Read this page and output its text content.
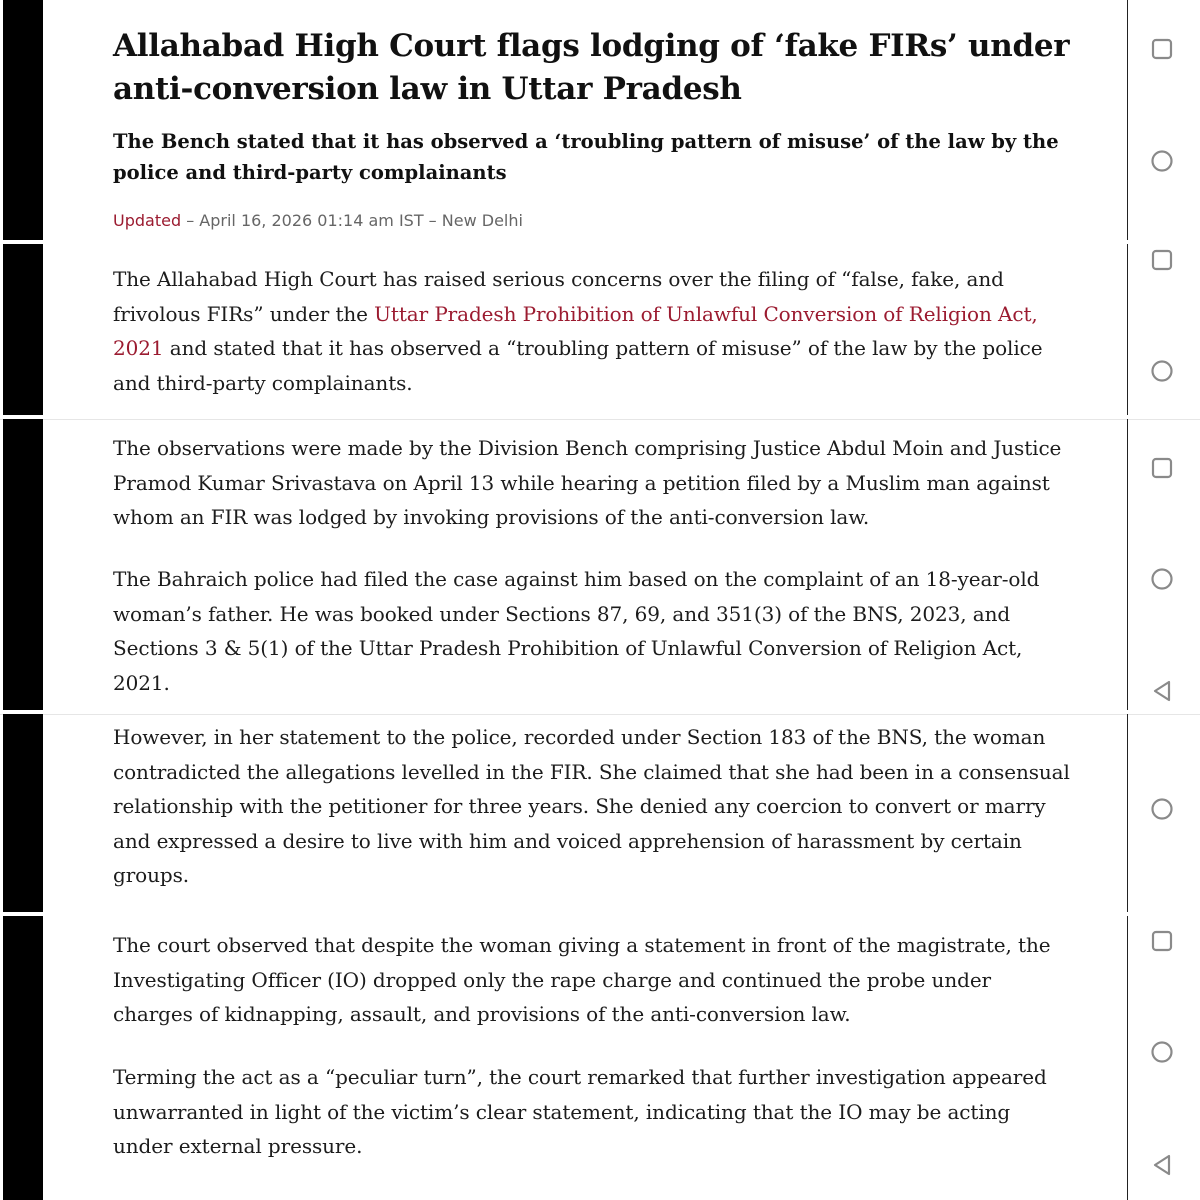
Allahabad High Court flags lodging of ‘fake FIRs’ under anti-conversion law in Uttar Pradesh

The Bench stated that it has observed a ‘troubling pattern of misuse’ of the law by the police and third-party complainants

Updated – April 16, 2026 01:14 am IST – New Delhi

The Allahabad High Court has raised serious concerns over the filing of “false, fake, and frivolous FIRs” under the Uttar Pradesh Prohibition of Unlawful Conversion of Religion Act, 2021 and stated that it has observed a “troubling pattern of misuse” of the law by the police and third-party complainants.

The observations were made by the Division Bench comprising Justice Abdul Moin and Justice Pramod Kumar Srivastava on April 13 while hearing a petition filed by a Muslim man against whom an FIR was lodged by invoking provisions of the anti-conversion law.

The Bahraich police had filed the case against him based on the complaint of an 18-year-old woman’s father. He was booked under Sections 87, 69, and 351(3) of the BNS, 2023, and Sections 3 & 5(1) of the Uttar Pradesh Prohibition of Unlawful Conversion of Religion Act, 2021.

However, in her statement to the police, recorded under Section 183 of the BNS, the woman contradicted the allegations levelled in the FIR. She claimed that she had been in a consensual relationship with the petitioner for three years. She denied any coercion to convert or marry and expressed a desire to live with him and voiced apprehension of harassment by certain groups.

The court observed that despite the woman giving a statement in front of the magistrate, the Investigating Officer (IO) dropped only the rape charge and continued the probe under charges of kidnapping, assault, and provisions of the anti-conversion law.

Terming the act as a “peculiar turn”, the court remarked that further investigation appeared unwarranted in light of the victim’s clear statement, indicating that the IO may be acting under external pressure.
